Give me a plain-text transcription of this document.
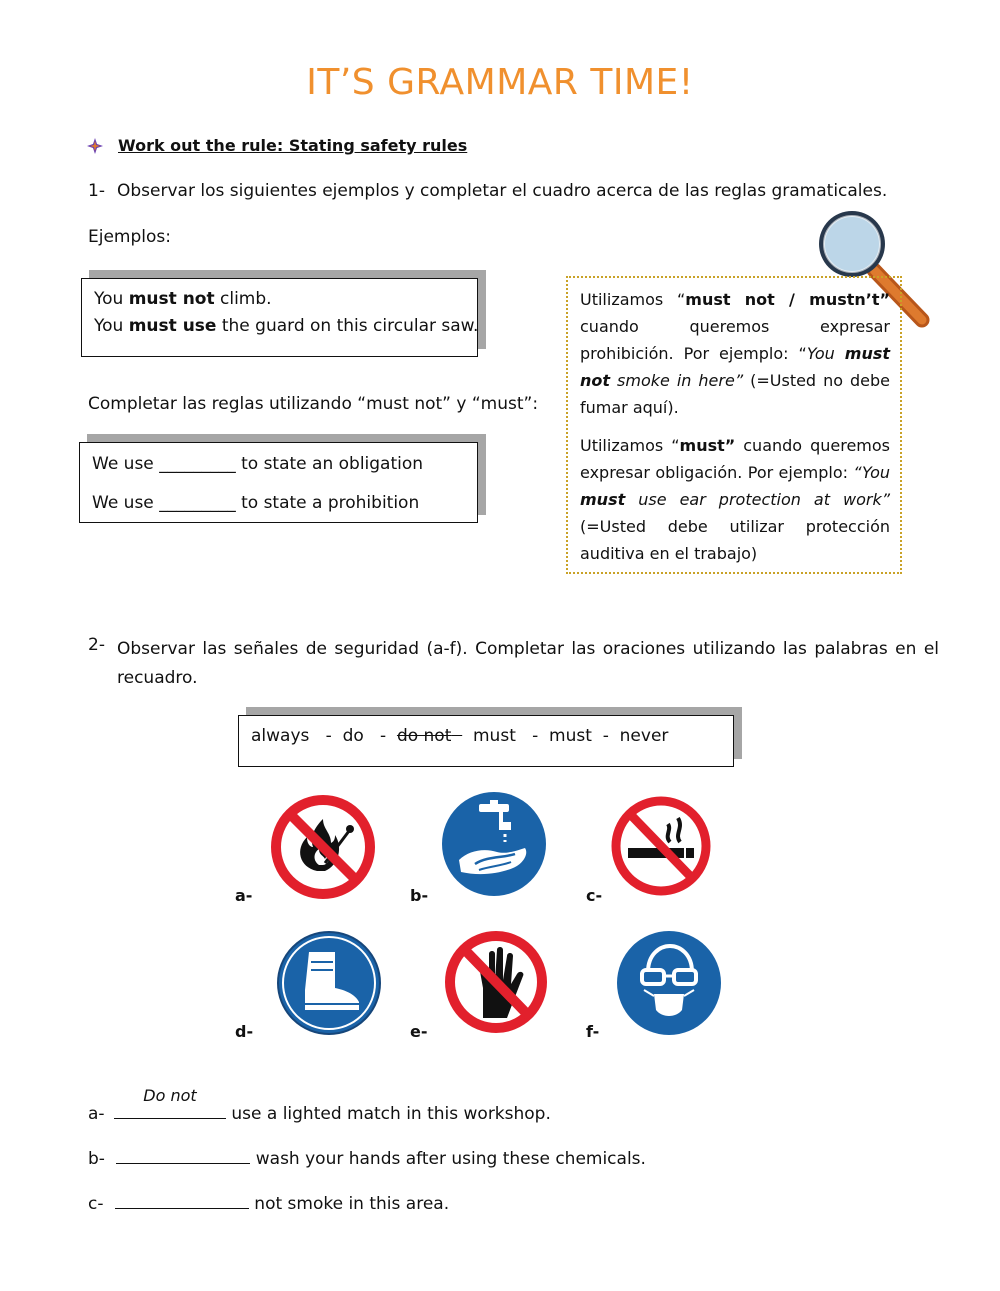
IT’S GRAMMAR TIME!
Work out the rule: Stating safety rules
1- Observar los siguientes ejemplos y completar el cuadro acerca de las reglas gramaticales.
Ejemplos:

You must not climb.

You must use the guard on this circular saw.

Completar las reglas utilizando “must not” y “must”:

We use _________ to state an obligation

We use _________ to state a prohibition

Utilizamos “must not / mustn’t” cuando queremos expresar prohibición. Por ejemplo: “You must not smoke in here” (=Usted no debe fumar aquí).

Utilizamos “must” cuando queremos expresar obligación. Por ejemplo: “You must use ear protection at work” (=Usted debe utilizar protección auditiva en el trabajo)

2- Observar las señales de seguridad (a-f). Completar las oraciones utilizando las palabras en el recuadro.

always - do - do not must - must - never

a-	b-	c-
d-	e-	f-
a-
Do not
use a lighted match in this workshop.
b-	wash your hands after using these chemicals.
c-	not smoke in this area.
